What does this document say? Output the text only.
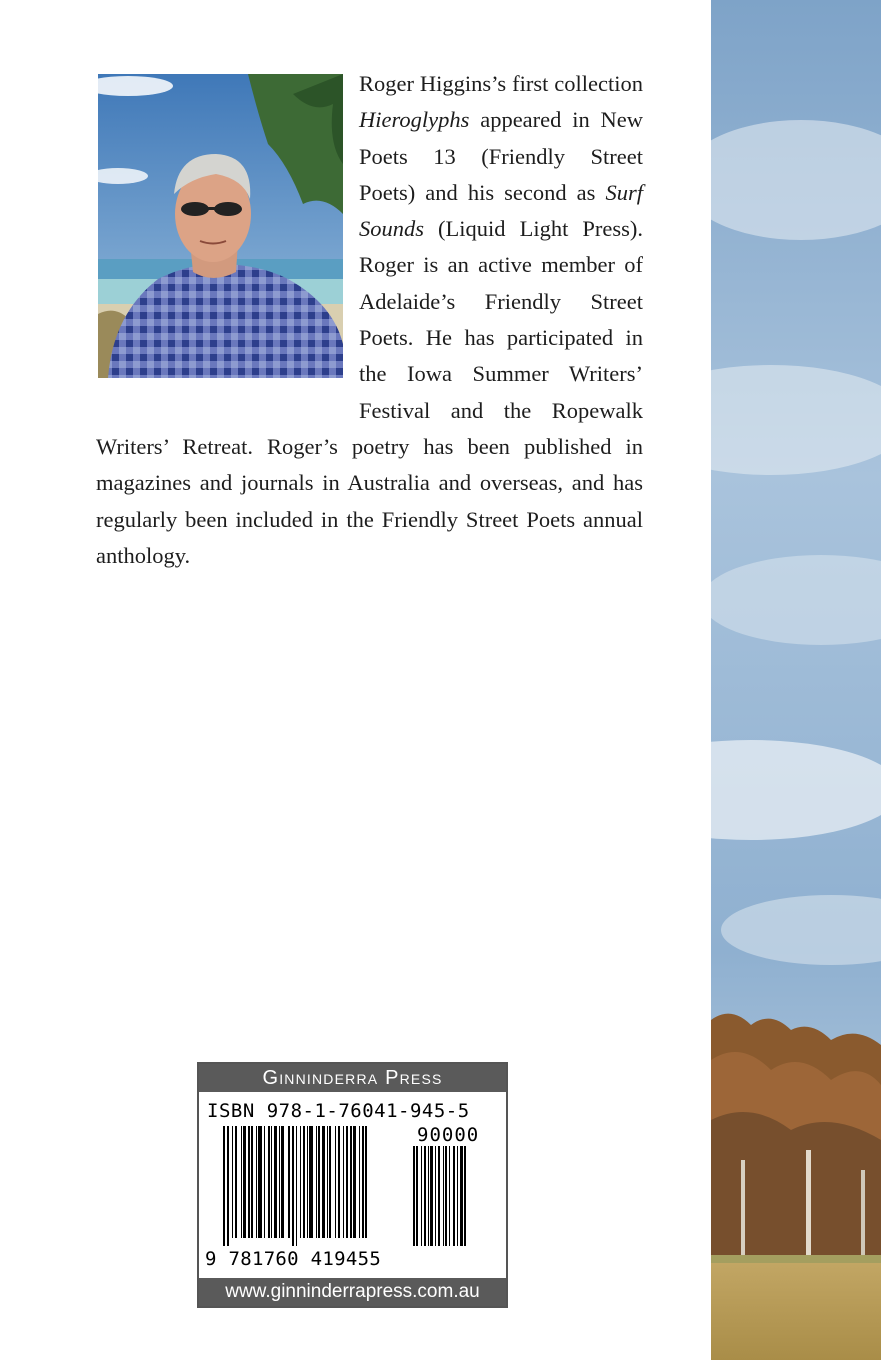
Roger Higgins’s first collection Hieroglyphs appeared in New Poets 13 (Friendly Street Poets) and his second as Surf Sounds (Liquid Light Press). Roger is an active member of Adelaide’s Friendly Street Poets. He has participated in the Iowa Summer Writers’ Festival and the Ropewalk Writers’ Retreat. Roger’s poetry has been published in magazines and journals in Australia and overseas, and has regularly been included in the Friendly Street Poets annual anthology.

Ginninderra Press
ISBN 978-1-76041-945-5
90000
9 781760 419455
www.ginninderrapress.com.au
